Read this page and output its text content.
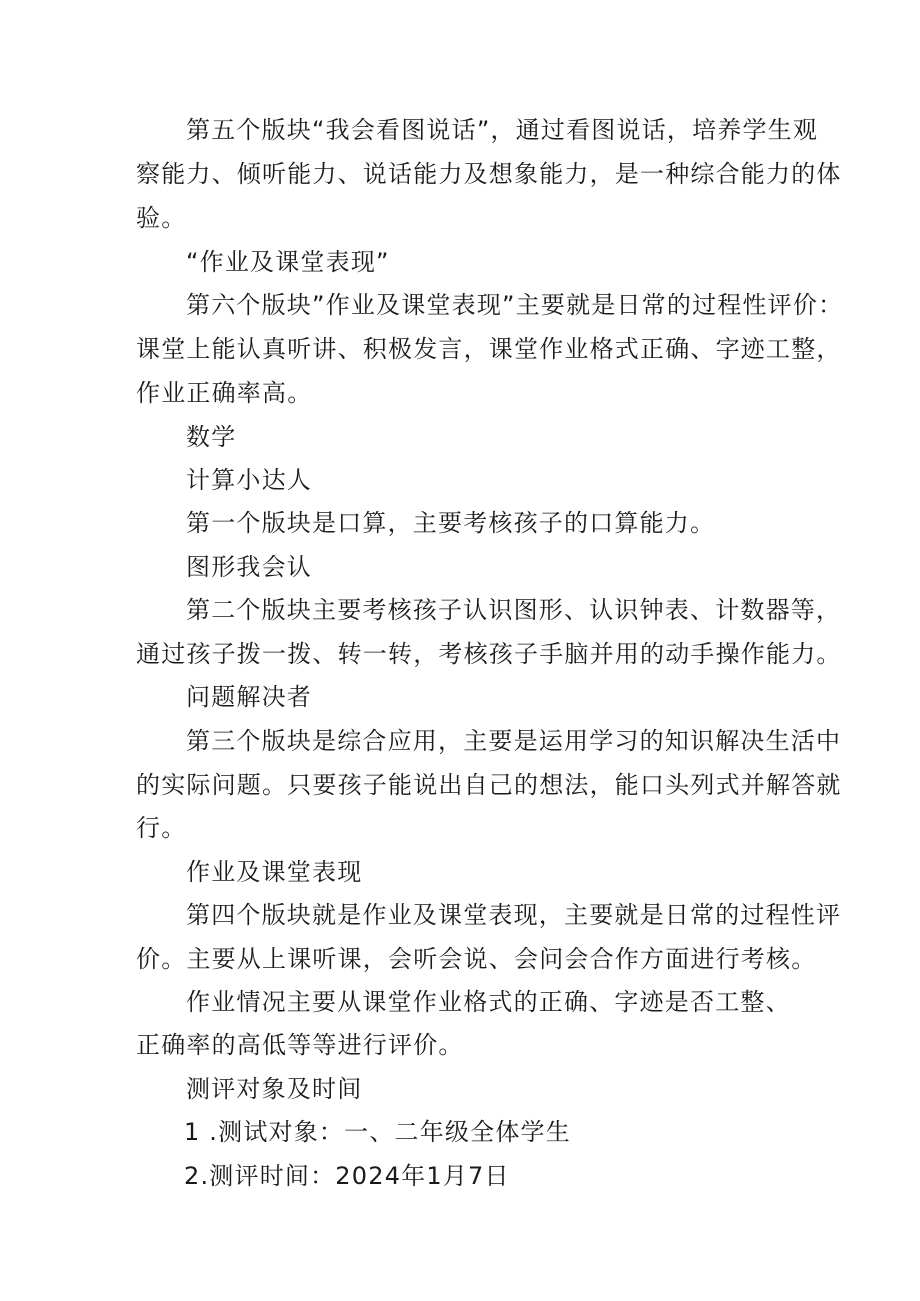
第五个版块“我会看图说话”，通过看图说话，培养学生观
察能力、倾听能力、说话能力及想象能力，是一种综合能力的体
验。
“作业及课堂表现”
第六个版块”作业及课堂表现”主要就是日常的过程性评价：
课堂上能认真听讲、积极发言，课堂作业格式正确、字迹工整，
作业正确率高。
数学
计算小达人
第一个版块是口算，主要考核孩子的口算能力。
图形我会认
第二个版块主要考核孩子认识图形、认识钟表、计数器等，
通过孩子拨一拨、转一转，考核孩子手脑并用的动手操作能力。
问题解决者
第三个版块是综合应用，主要是运用学习的知识解决生活中
的实际问题。只要孩子能说出自己的想法，能口头列式并解答就
行。
作业及课堂表现
第四个版块就是作业及课堂表现，主要就是日常的过程性评
价。主要从上课听课，会听会说、会问会合作方面进行考核。
作业情况主要从课堂作业格式的正确、字迹是否工整、
正确率的高低等等进行评价。
测评对象及时间
1 .测试对象：一、二年级全体学生
2.测评时间：2024年1月7日
